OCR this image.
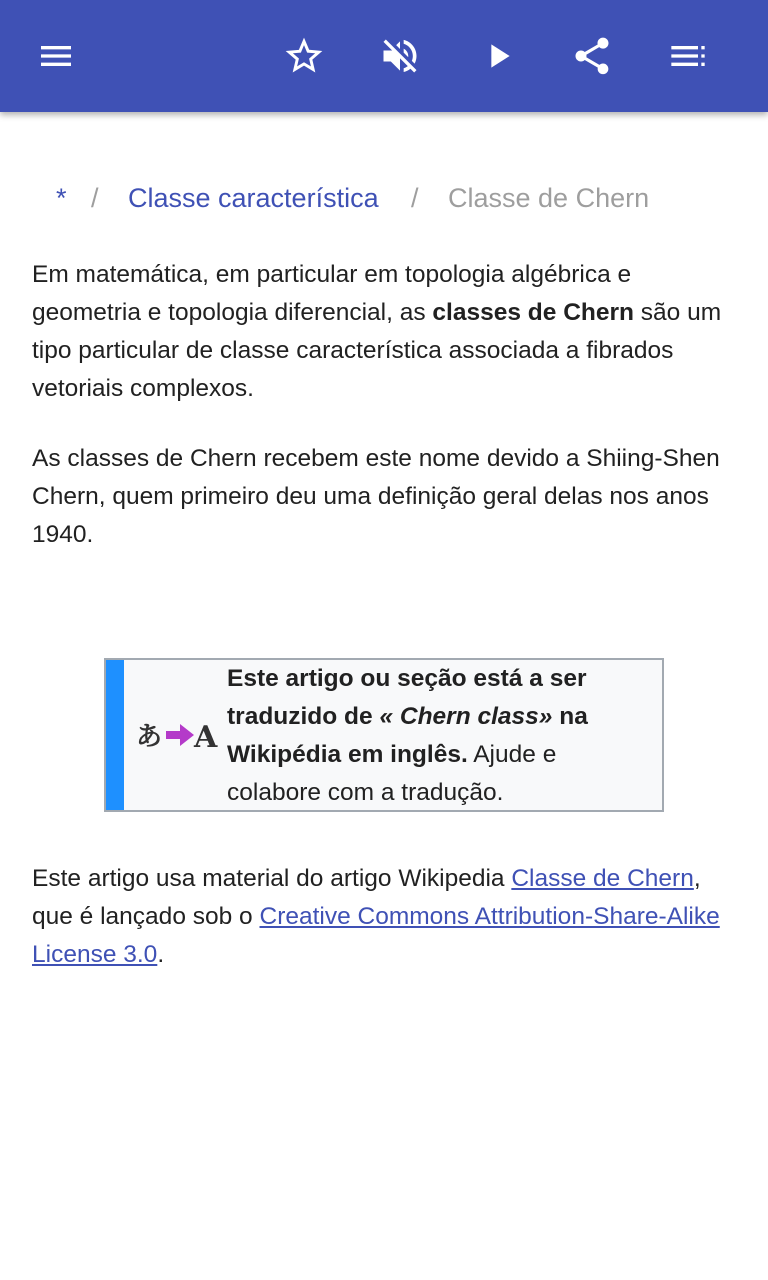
* / Classe característica / Classe de Chern
Em matemática, em particular em topologia algébrica e geometria e topologia diferencial, as classes de Chern são um tipo particular de classe característica associada a fibrados vetoriais complexos.
As classes de Chern recebem este nome devido a Shiing-Shen Chern, quem primeiro deu uma definição geral delas nos anos 1940.
あ A
Este artigo ou seção está a ser traduzido de « Chern class» na Wikipédia em inglês. Ajude e colabore com a tradução.
Este artigo usa material do artigo Wikipedia Classe de Chern, que é lançado sob o Creative Commons Attribution-Share-Alike License 3.0.
